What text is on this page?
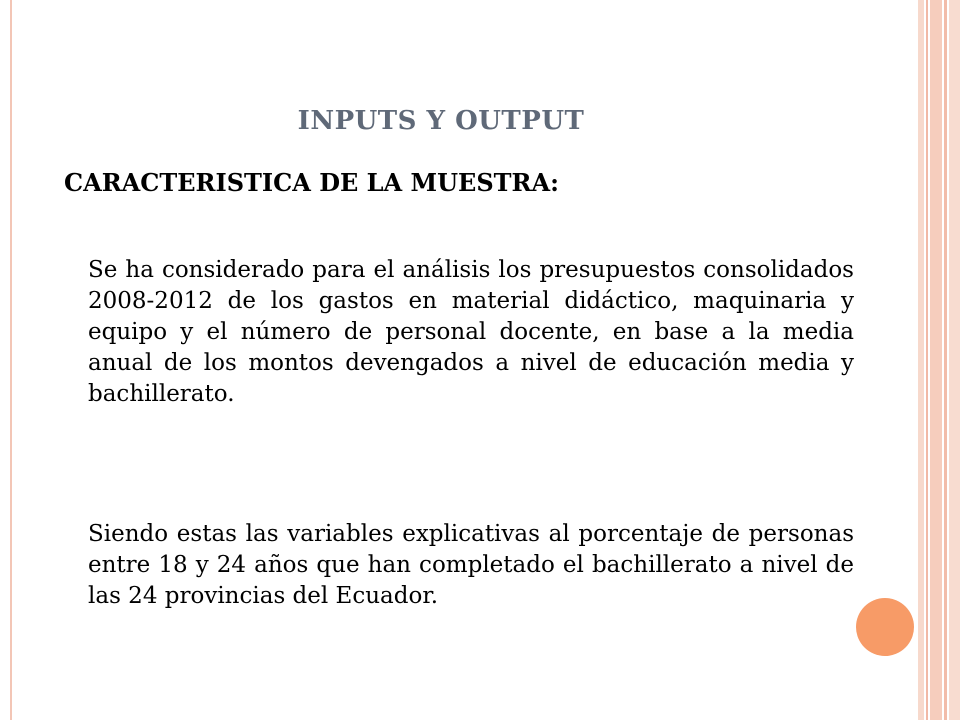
INPUTS Y OUTPUT
CARACTERISTICA DE LA MUESTRA:

Se ha considerado para el análisis los presupuestos consolidados 2008-2012 de los gastos en material didáctico, maquinaria y equipo y el número de personal docente, en base a la media anual de los montos devengados a nivel de educación media y bachillerato.

Siendo estas las variables explicativas al porcentaje de personas entre 18 y 24 años que han completado el bachillerato a nivel de las 24 provincias del Ecuador.
